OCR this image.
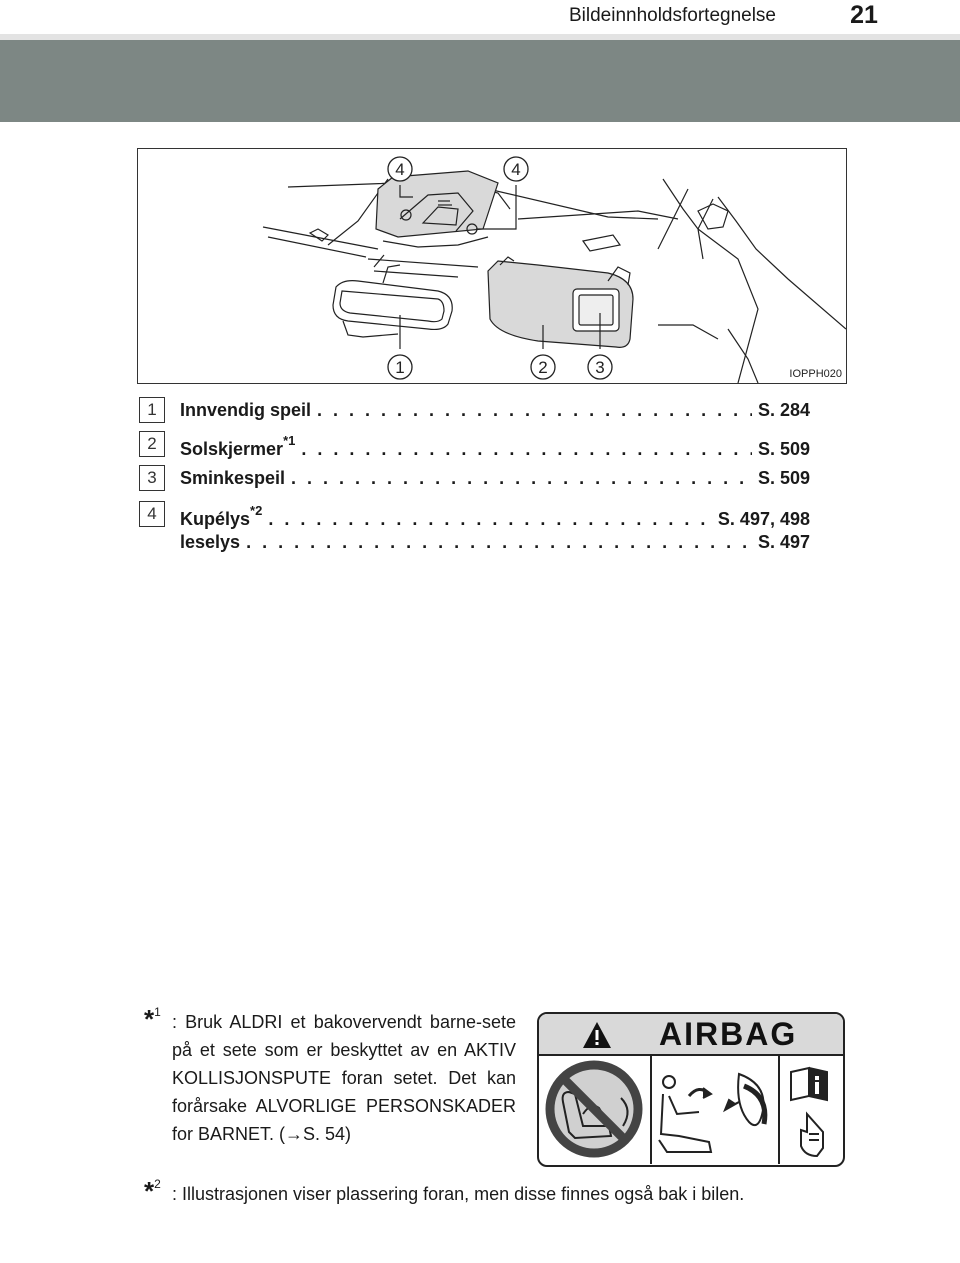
Bildeinnholdsfortegnelse	21
4	4
1	2	3	IOPPH020
1	Innvendig speil . . .	S. 284
2	Solskjermer$^{*1}$ . . .	S. 509
3	Sminkespeil . . .	S. 509
4	Kupélys$^{*2}$ . . .	S. 497, 498
leselys . . .	S. 497
*$^1$ : Bruk ALDRI et bakovervendt barne-sete på et sete som er beskyttet av en AKTIV KOLLISJONSPUTE foran setet. Det kan forårsake ALVORLIGE PERSONSKADER for BARNET. (→S. 54)
AIRBAG
*$^2$ : Illustrasjonen viser plassering foran, men disse finnes også bak i bilen.
